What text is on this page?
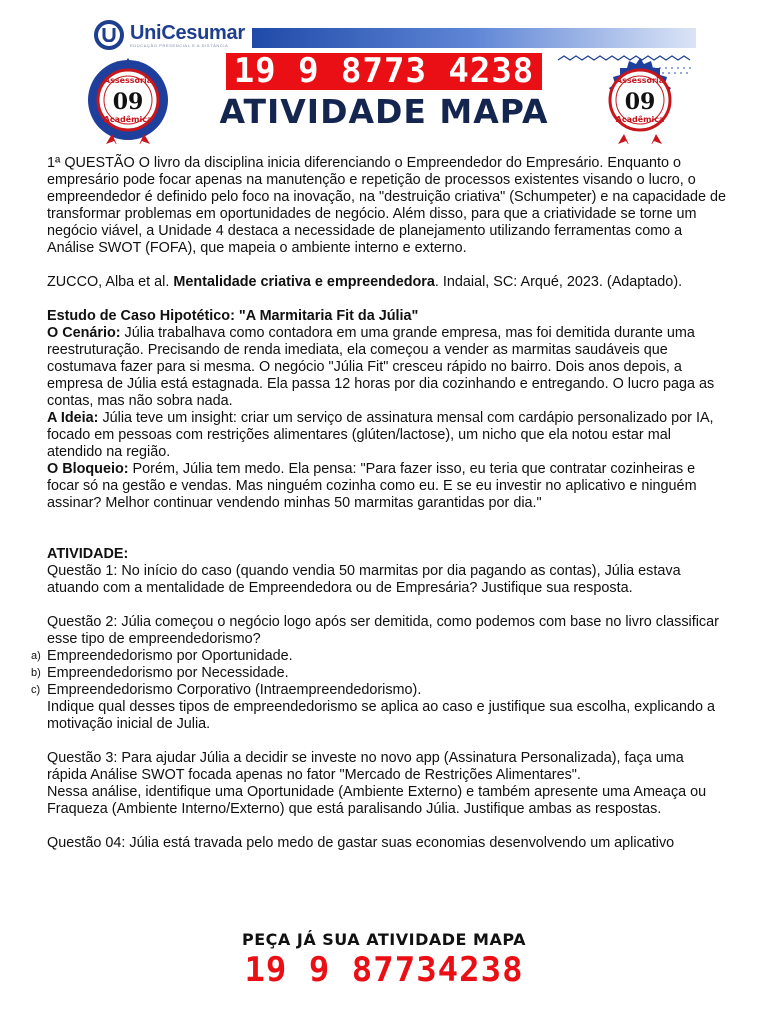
UniCesumar
EDUCAÇÃO PRESENCIAL E A DISTÂNCIA
Assessoria
09
Acadêmica
19 9 8773 4238
ATIVIDADE MAPA
Assessoria
09
Acadêmica

1ª QUESTÃO O livro da disciplina inicia diferenciando o Empreendedor do Empresário. Enquanto o empresário pode focar apenas na manutenção e repetição de processos existentes visando o lucro, o empreendedor é definido pelo foco na inovação, na "destruição criativa" (Schumpeter) e na capacidade de transformar problemas em oportunidades de negócio. Além disso, para que a criatividade se torne um negócio viável, a Unidade 4 destaca a necessidade de planejamento utilizando ferramentas como a Análise SWOT (FOFA), que mapeia o ambiente interno e externo.

ZUCCO, Alba et al. Mentalidade criativa e empreendedora. Indaial, SC: Arqué, 2023. (Adaptado).

Estudo de Caso Hipotético: "A Marmitaria Fit da Júlia"

O Cenário: Júlia trabalhava como contadora em uma grande empresa, mas foi demitida durante uma reestruturação. Precisando de renda imediata, ela começou a vender as marmitas saudáveis que costumava fazer para si mesma. O negócio "Júlia Fit" cresceu rápido no bairro. Dois anos depois, a empresa de Júlia está estagnada. Ela passa 12 horas por dia cozinhando e entregando. O lucro paga as contas, mas não sobra nada.

A Ideia: Júlia teve um insight: criar um serviço de assinatura mensal com cardápio personalizado por IA, focado em pessoas com restrições alimentares (glúten/lactose), um nicho que ela notou estar mal atendido na região.

O Bloqueio: Porém, Júlia tem medo. Ela pensa: "Para fazer isso, eu teria que contratar cozinheiras e focar só na gestão e vendas. Mas ninguém cozinha como eu. E se eu investir no aplicativo e ninguém assinar? Melhor continuar vendendo minhas 50 marmitas garantidas por dia."

ATIVIDADE:

Questão 1: No início do caso (quando vendia 50 marmitas por dia pagando as contas), Júlia estava atuando com a mentalidade de Empreendedora ou de Empresária? Justifique sua resposta.

Questão 2: Júlia começou o negócio logo após ser demitida, como podemos com base no livro classificar esse tipo de empreendedorismo?

a) Empreendedorismo por Oportunidade.
b) Empreendedorismo por Necessidade.
c) Empreendedorismo Corporativo (Intraempreendedorismo).

Indique qual desses tipos de empreendedorismo se aplica ao caso e justifique sua escolha, explicando a motivação inicial de Julia.

Questão 3: Para ajudar Júlia a decidir se investe no novo app (Assinatura Personalizada), faça uma rápida Análise SWOT focada apenas no fator "Mercado de Restrições Alimentares".

Nessa análise, identifique uma Oportunidade (Ambiente Externo) e também apresente uma Ameaça ou Fraqueza (Ambiente Interno/Externo) que está paralisando Júlia. Justifique ambas as respostas.

Questão 04: Júlia está travada pelo medo de gastar suas economias desenvolvendo um aplicativo

PEÇA JÁ SUA ATIVIDADE MAPA
19 9 87734238
